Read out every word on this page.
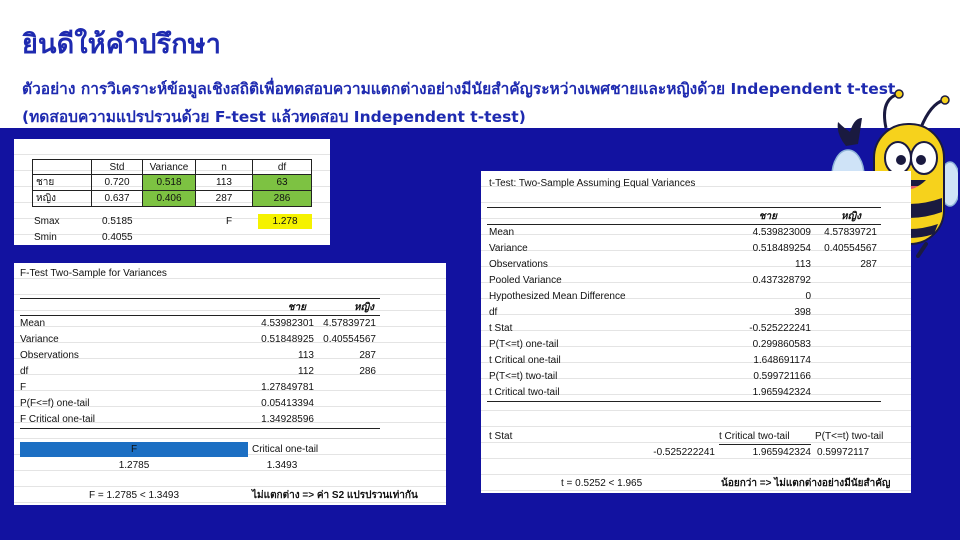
ยินดีให้คำปรึกษา
ตัวอย่าง การวิเคราะห์ข้อมูลเชิงสถิติเพื่อทดสอบความแตกต่างอย่างมีนัยสำคัญระหว่างเพศชายและหญิงด้วย Independent t-test
(ทดสอบความแปรปรวนด้วย F-test แล้วทดสอบ Independent t-test)
	Std	Variance	n	df
ชาย	0.720	0.518	113	63
หญิง	0.637	0.406	287	286
Smax	0.5185
Smin	0.4055
F	1.278
F-Test Two-Sample for Variances
ชาย	หญิง
Mean	4.53982301 4.57839721
Variance	0.51848925 0.40554567
Observations	113	287
df	112	286
F	1.27849781
P(F<=f) one-tail	0.05413394
F Critical one-tail	1.34928596
F	Critical one-tail
1.2785	1.3493
F = 1.2785 < 1.3493	ไม่แตกต่าง => ค่า S2 แปรปรวนเท่ากัน
t-Test: Two-Sample Assuming Equal Variances
ชาย	หญิง
Mean	4.539823009	4.57839721
Variance	0.518489254	0.40554567
Observations	113	287
Pooled Variance	0.437328792
Hypothesized Mean Difference	0
df	398
t Stat	-0.525222241
P(T<=t) one-tail	0.299860583
t Critical one-tail	1.648691174
P(T<=t) two-tail	0.599721166
t Critical two-tail	1.965942324
t Stat	t Critical two-tail	P(T<=t) two-tail
-0.525222241	1.965942324 0.59972117
t = 0.5252 < 1.965	น้อยกว่า => ไม่แตกต่างอย่างมีนัยสำคัญ
